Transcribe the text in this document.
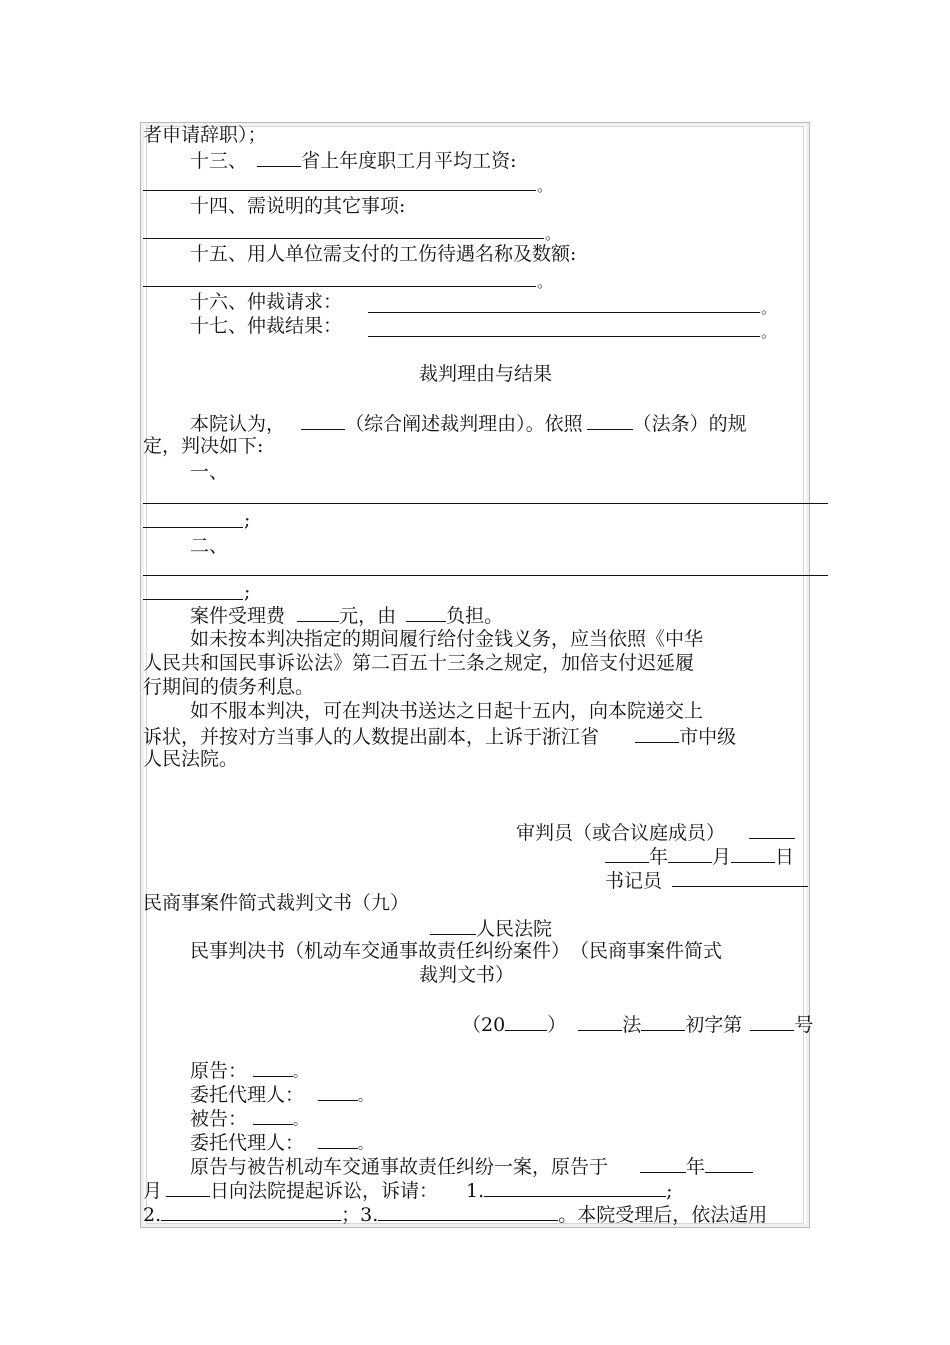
者申请辞职）；
十三、	省上年度职工月平均工资:
。
十四、需说明的其它事项:
。
十五、用人单位需支付的工伤待遇名称及数额:
。
十六、仲裁请求：	。
十七、仲裁结果：	。
裁判理由与结果
本院认为，	（综合阐述裁判理由）。依照	（法条）的规
定，判决如下:
一、
;
二、
;
案件受理费	元，由	负担。
如未按本判决指定的期间履行给付金钱义务，应当依照《中华
人民共和国民事诉讼法》第二百五十三条之规定，加倍支付迟延履
行期间的债务利息。
如不服本判决，可在判决书送达之日起十五内，向本院递交上
诉状，并按对方当事人的人数提出副本，上诉于浙江省	市中级
人民法院。
审判员（或合议庭成员）
年 月 日
书记员
民商事案件简式裁判文书（九）
人民法院
民事判决书（机动车交通事故责任纠纷案件）　（民商事案件简式
裁判文书）
（20 ）	法 初字第	号
原告：	。
委托代理人：	。
被告：	。
委托代理人：	。
原告与被告机动车交通事故责任纠纷一案，原告于	年
月	日向法院提起诉讼，诉请： 1.	;
2.	；3.	。本院受理后，依法适用
